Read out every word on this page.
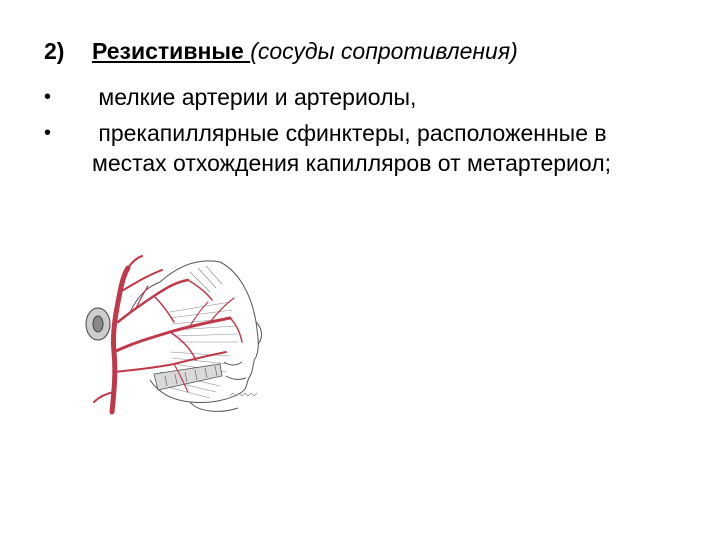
2) Резистивные (сосуды сопротивления)
•	мелкие артерии и артериолы,
•	прекапиллярные сфинктеры, расположенные в местах отхождения капилляров от метартериол;
